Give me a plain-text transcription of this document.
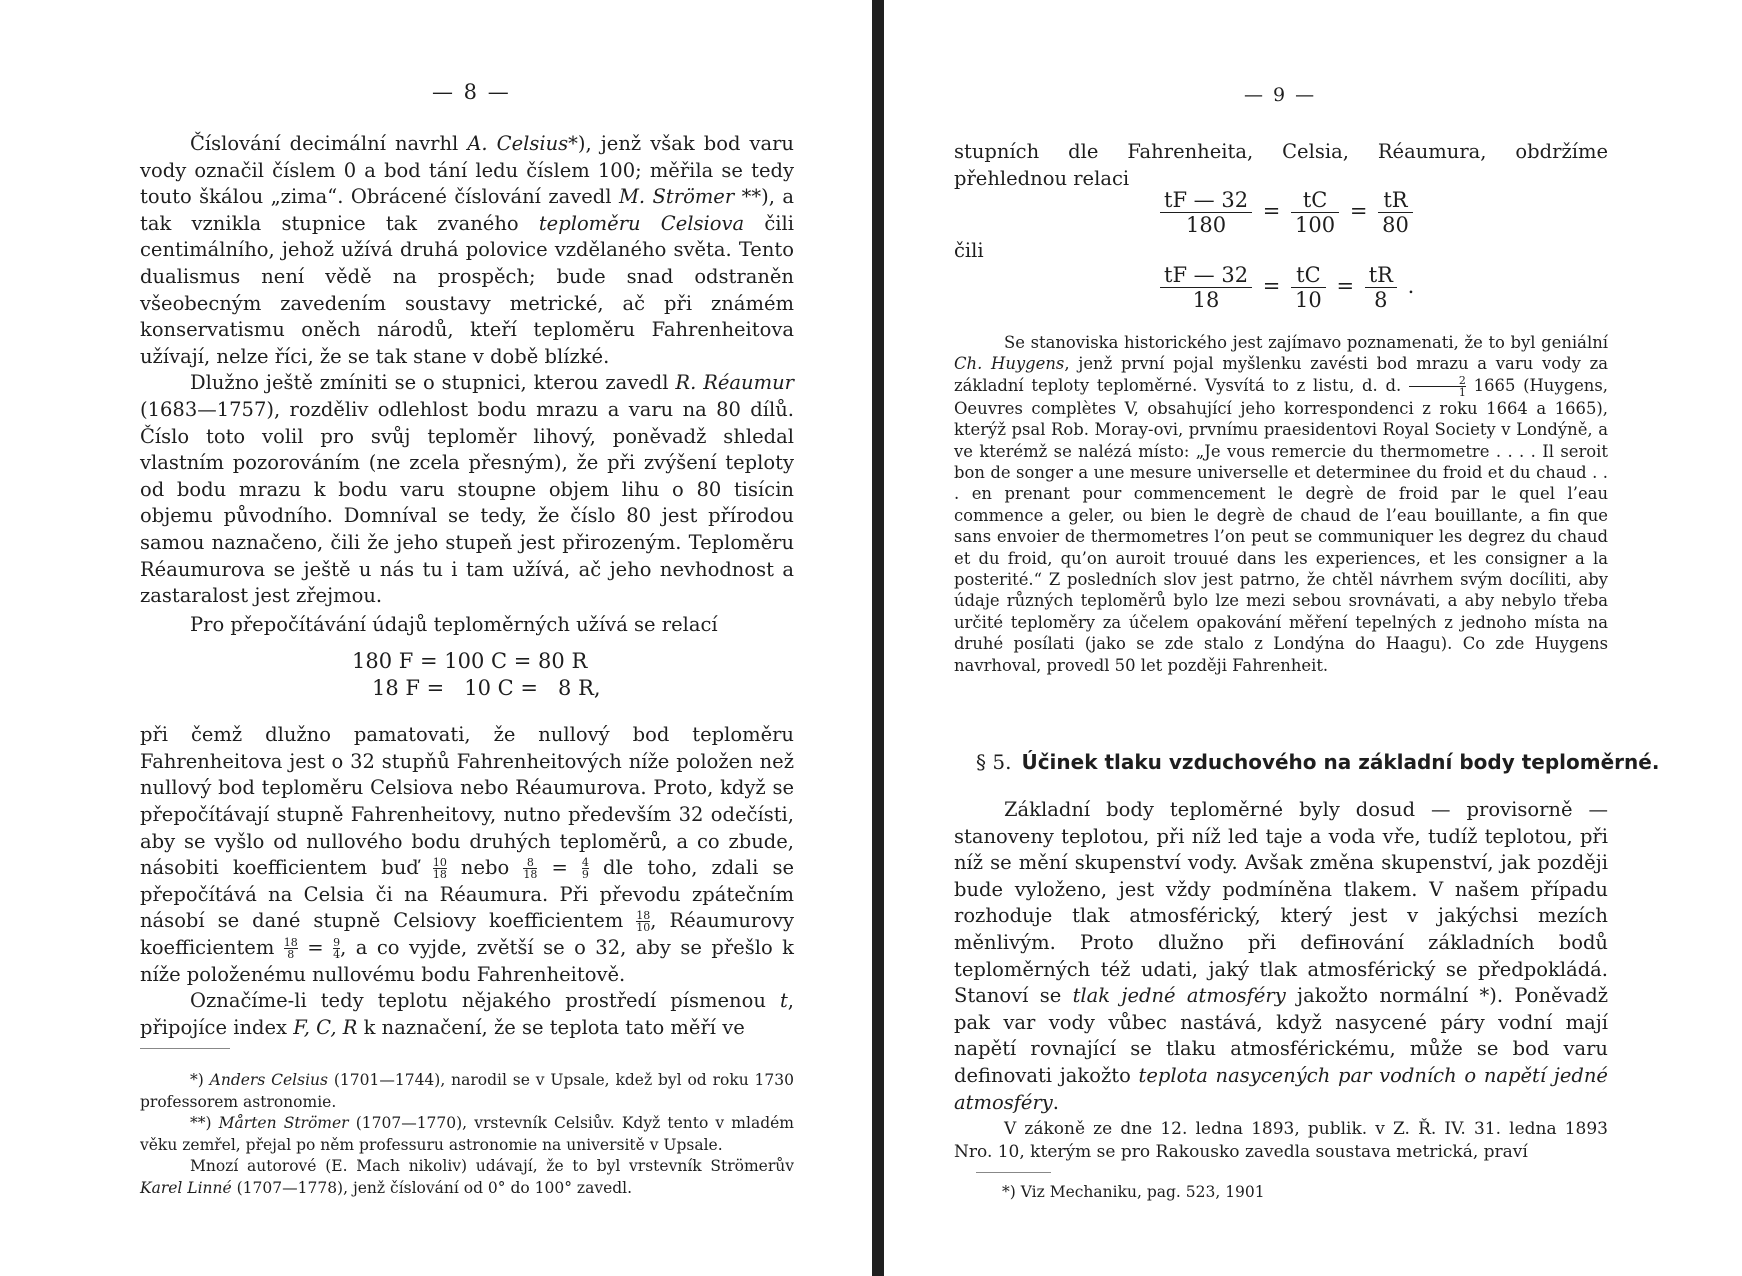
— 8 —

Číslování decimální navrhl A. Celsius*), jenž však bod varu vody označil číslem 0 a bod tání ledu číslem 100; měřila se tedy touto škálou „zima“. Obrácené číslování zavedl M. Strömer **), a tak vznikla stupnice tak zvaného teploměru Celsiova čili centimálního, jehož užívá druhá polovice vzdělaného světa. Tento dualismus není vědě na prospěch; bude snad odstraněn všeobecným zavedením soustavy metrické, ač při známém konservatismu oněch národů, kteří teploměru Fahrenheitova užívají, nelze říci, že se tak stane v době blízké.

Dlužno ještě zmíniti se o stupnici, kterou zavedl R. Réaumur (1683—1757), rozděliv odlehlost bodu mrazu a varu na 80 dílů. Číslo toto volil pro svůj teploměr lihový, poněvadž shledal vlastním pozorováním (ne zcela přesným), že při zvýšení teploty od bodu mrazu k bodu varu stoupne objem lihu o 80 tisícin objemu původního. Domníval se tedy, že číslo 80 jest přírodou samou naznačeno, čili že jeho stupeň jest přirozeným. Teploměru Réaumurova se ještě u nás tu i tam užívá, ač jeho nevhodnost a zastaralost jest zřejmou.

Pro přepočítávání údajů teploměrných užívá se relací

180 F = 100 C = 80 R
18 F =   10 C =   8 R,

při čemž dlužno pamatovati, že nullový bod teploměru Fahrenheitova jest o 32 stupňů Fahrenheitových níže položen než nullový bod teploměru Celsiova nebo Réaumurova. Proto, když se přepočítávají stupně Fahrenheitovy, nutno především 32 odečísti, aby se vyšlo od nullového bodu druhých teploměrů, a co zbude, násobiti koefficientem buď $\frac{10}{18}$ nebo $\frac{8}{18} = \frac{4}{9}$ dle toho, zdali se přepočítává na Celsia či na Réaumura. Při převodu zpátečním násobí se dané stupně Celsiovy koefficientem $\frac{18}{10}$ , Réaumurovy koefficientem $\frac{18}{8} = \frac{9}{4}$ , a co vyjde, zvětší se o 32, aby se přešlo k níže položenému nullovému bodu Fahrenheitově.

Označíme-li tedy teplotu nějakého prostředí písmenou t, připojíce index F, C, R k naznačení, že se teplota tato měří ve

*) Anders Celsius (1701—1744), narodil se v Upsale, kdež byl od roku 1730 professorem astronomie.

**) Mårten Strömer (1707—1770), vrstevník Celsiův. Když tento v mladém věku zemřel, přejal po něm professuru astronomie na universitě v Upsale.

Mnozí autorové (E. Mach nikoliv) udávají, že to byl vrstevník Strömerův Karel Linné (1707—1778), jenž číslování od 0° do 100° zavedl.

— 9 —
stupních dle Fahrenheita, Celsia, Réaumura, obdržíme přehlednou relaci
$\frac{tF — 32}{180} = \frac{tC}{100} = \frac{tR}{80}$
čili
$\frac{tF — 32}{18} = \frac{tC}{10} = \frac{tR}{8}$ .

Se stanoviska historického jest zajímavo poznamenati, že to byl geniální Ch. Huygens, jenž první pojal myšlenku zavésti bod mrazu a varu vody za základní teploty teploměrné. Vysvítá to z listu, d. d. $\frac{2}{1} 1665$ (Huygens, Oeuvres complètes V, obsahující jeho korrespondenci z roku 1664 a 1665), kterýž psal Rob. Moray-ovi, prvnímu praesidentovi Royal Society v Londýně, a ve kterémž se nalézá místo: „Je vous remercie du thermometre . . . . Il seroit bon de songer a une mesure universelle et determinee du froid et du chaud . . . en prenant pour commencement le degrè de froid par le quel l’eau commence a geler, ou bien le degrè de chaud de l’eau bouillante, a fin que sans envoier de thermometres l’on peut se communiquer les degrez du chaud et du froid, qu’on auroit trouué dans les experiences, et les consigner a la posterité.“ Z posledních slov jest patrno, že chtěl návrhem svým docíliti, aby údaje různých teploměrů bylo lze mezi sebou srovnávati, a aby nebylo třeba určité teploměry za účelem opakování měření tepelných z jednoho místa na druhé posílati (jako se zde stalo z Londýna do Haagu). Co zde Huygens navrhoval, provedl 50 let později Fahrenheit.

§ 5. Účinek tlaku vzduchového na základní body teploměrné.

Základní body teploměrné byly dosud — provisorně — stanoveny teplotou, při níž led taje a voda vře, tudíž teplotou, při níž se mění skupenství vody. Avšak změna skupenství, jak později bude vyloženo, jest vždy podmíněna tlakem. V našem případu rozhoduje tlak atmosférický, který jest v jakýchsi mezích měnlivým. Proto dlužno při defінování základních bodů teploměrných též udati, jaký tlak atmosférický se předpokládá. Stanoví se tlak jedné atmosféry jakožto normální *). Poněvadž pak var vody vůbec nastává, když nasycené páry vodní mají napětí rovnající se tlaku atmosférickému, může se bod varu definovati jakožto teplota nasycených par vodních o napětí jedné atmosféry.

V zákoně ze dne 12. ledna 1893, publik. v Z. Ř. IV. 31. ledna 1893 Nro. 10, kterým se pro Rakousko zavedla soustava metrická, praví

*) Viz Mechaniku, pag. 523, 1901
